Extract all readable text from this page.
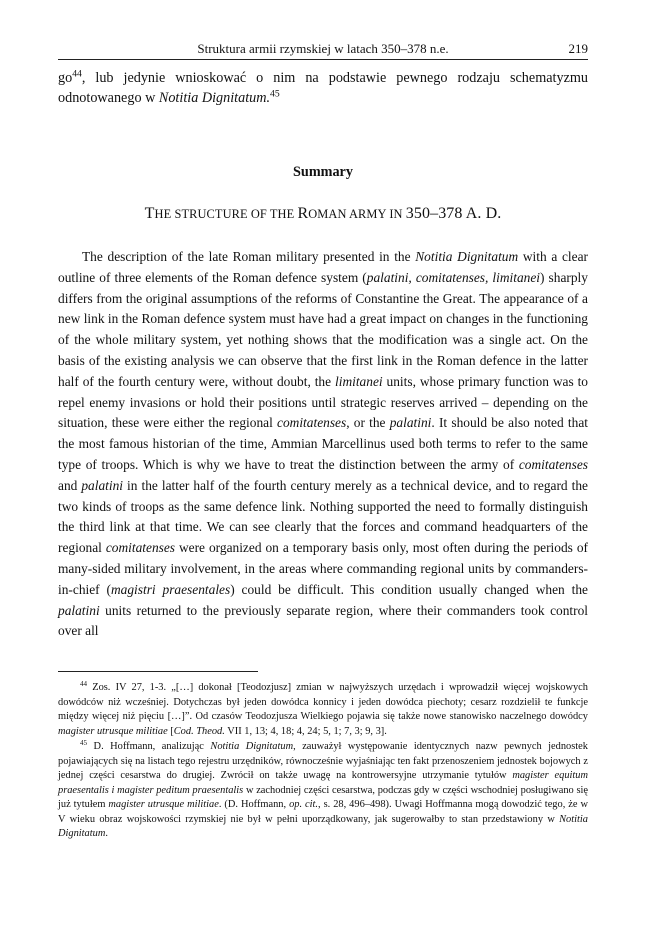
Struktura armii rzymskiej w latach 350–378 n.e.	219
$go^{44}$, lub jedynie wnioskować o nim na podstawie pewnego rodzaju schematyzmu odnotowanego w Notitia Dignitatum.$^{45}$
Summary
THE STRUCTURE OF THE ROMAN ARMY IN 350–378 A. D.
The description of the late Roman military presented in the Notitia Dignitatum with a clear outline of three elements of the Roman defence system (palatini, comitatenses, limitanei) sharply differs from the original assumptions of the reforms of Constantine the Great. The appearance of a new link in the Roman defence system must have had a great impact on changes in the functioning of the whole military system, yet nothing shows that the modification was a single act. On the basis of the existing analysis we can observe that the first link in the Roman defence in the latter half of the fourth century were, without doubt, the limitanei units, whose primary function was to repel enemy invasions or hold their positions until strategic reserves arrived – depending on the situation, these were either the regional comitatenses, or the palatini. It should be also noted that the most famous historian of the time, Ammian Marcellinus used both terms to refer to the same type of troops. Which is why we have to treat the distinction between the army of comitatenses and palatini in the latter half of the fourth century merely as a technical device, and to regard the two kinds of troops as the same defence link. Nothing supported the need to formally distinguish the third link at that time. We can see clearly that the forces and command headquarters of the regional comitatenses were organized on a temporary basis only, most often during the periods of many-sided military involvement, in the areas where commanding regional units by commanders-in-chief (magistri praesentales) could be difficult. This condition usually changed when the palatini units returned to the previously separate region, where their commanders took control over all

$^{44}$ Zos. IV 27, 1-3. „[…] dokonał [Teodozjusz] zmian w najwyższych urzędach i wprowadził więcej wojskowych dowódców niż wcześniej. Dotychczas był jeden dowódca konnicy i jeden dowódca piechoty; cesarz rozdzielił te funkcje między więcej niż pięciu […]”. Od czasów Teodozjusza Wielkiego pojawia się także nowe stanowisko naczelnego dowódcy magister utrusque militiae [Cod. Theod. VII 1, 13; 4, 18; 4, 24; 5, 1; 7, 3; 9, 3].

$^{45}$ D. Hoffmann, analizując Notitia Dignitatum, zauważył występowanie identycznych nazw pewnych jednostek pojawiających się na listach tego rejestru urzędników, równocześnie wyjaśniając ten fakt przenoszeniem jednostek bojowych z jednej części cesarstwa do drugiej. Zwrócił on także uwagę na kontrowersyjne utrzymanie tytułów magister equitum praesentalis i magister peditum praesentalis w zachodniej części cesarstwa, podczas gdy w części wschodniej posługiwano się już tytułem magister utrusque militiae. (D. Hoffmann, op. cit., s. 28, 496–498). Uwagi Hoffmanna mogą dowodzić tego, że w V wieku obraz wojskowości rzymskiej nie był w pełni uporządkowany, jak sugerowałby to stan przedstawiony w Notitia Dignitatum.
